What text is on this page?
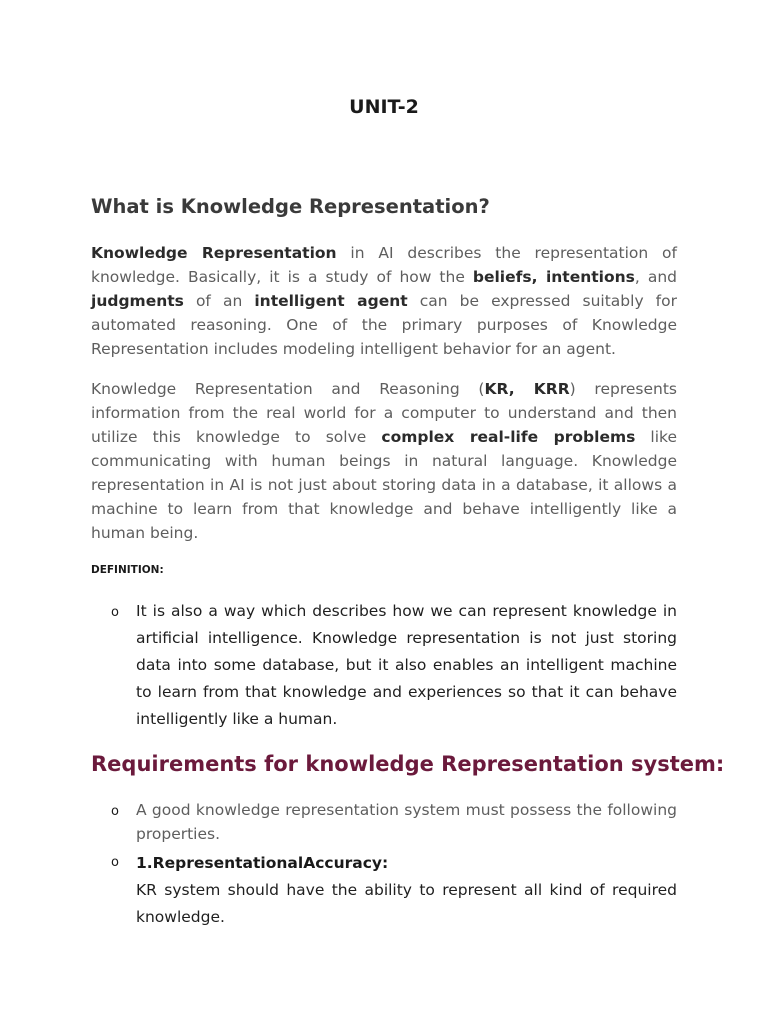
UNIT-2
What is Knowledge Representation?
Knowledge Representation in AI describes the representation of knowledge. Basically, it is a study of how the beliefs, intentions, and judgments of an intelligent agent can be expressed suitably for automated reasoning. One of the primary purposes of Knowledge Representation includes modeling intelligent behavior for an agent.
Knowledge Representation and Reasoning (KR, KRR) represents information from the real world for a computer to understand and then utilize this knowledge to solve complex real-life problems like communicating with human beings in natural language. Knowledge representation in AI is not just about storing data in a database, it allows a machine to learn from that knowledge and behave intelligently like a human being.
DEFINITION:
o It is also a way which describes how we can represent knowledge in artificial intelligence. Knowledge representation is not just storing data into some database, but it also enables an intelligent machine to learn from that knowledge and experiences so that it can behave intelligently like a human.
Requirements for knowledge Representation system:
o A good knowledge representation system must possess the following properties.
o 1.RepresentationalAccuracy:
KR system should have the ability to represent all kind of required knowledge.
